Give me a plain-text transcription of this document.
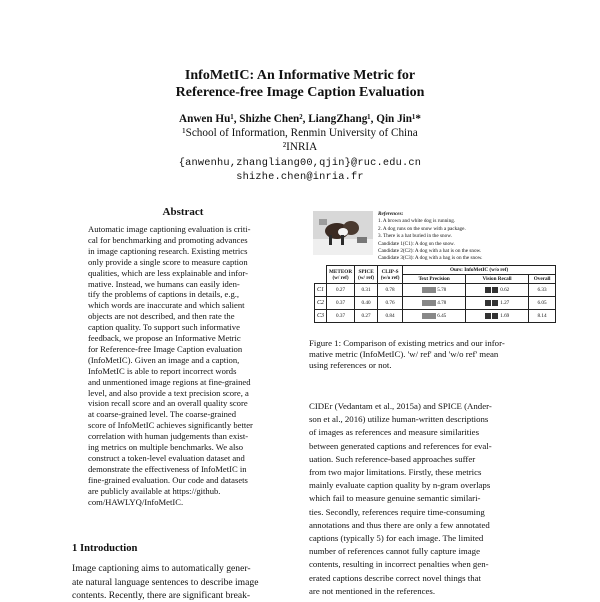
InfoMetIC: An Informative Metric for
Reference-free Image Caption Evaluation
Anwen Hu¹, Shizhe Chen², LiangZhang¹, Qin Jin¹*
¹School of Information, Renmin University of China
²INRIA
{anwenhu,zhangliang00,qjin}@ruc.edu.cn
shizhe.chen@inria.fr
Abstract
Automatic image captioning evaluation is criti-
cal for benchmarking and promoting advances
in image captioning research. Existing metrics
only provide a single score to measure caption
qualities, which are less explainable and infor-
mative. Instead, we humans can easily iden-
tify the problems of captions in details, e.g.,
which words are inaccurate and which salient
objects are not described, and then rate the
caption quality. To support such informative
feedback, we propose an Informative Metric
for Reference-free Image Caption evaluation
(InfoMetIC). Given an image and a caption,
InfoMetIC is able to report incorrect words
and unmentioned image regions at fine-grained
level, and also provide a text precision score, a
vision recall score and an overall quality score
at coarse-grained level. The coarse-grained
score of InfoMetIC achieves significantly better
correlation with human judgements than exist-
ing metrics on multiple benchmarks. We also
construct a token-level evaluation dataset and
demonstrate the effectiveness of InfoMetIC in
fine-grained evaluation. Our code and datasets
are publicly available at https://github.
com/HAWLYQ/InfoMetIC.
1 Introduction
Image captioning aims to automatically gener-
ate natural language sentences to describe image
contents. Recently, there are significant break-
References:
1. A brown and white dog is running.
2. A dog runs on the snow with a package.
3. There is a hat buried in the snow.
Candidate 1(C1): A dog on the snow.
Candidate 2(C2): A dog with a hat is on the snow.
Candidate 3(C3): A dog with a bag is on the snow.
	METEOR (w/ ref)	SPICE (w/ ref)	CLIP-S (w/o ref)	Ours: InfoMetIC (w/o ref)		
				Text Precision	Vision Recall	Overall
C1	0.27	0.31	0.78	5.78	0.62	6.33
C2	0.37	0.40	0.76	4.78	1.27	6.05
C3	0.37	0.27	0.84	6.45	1.69	8.14
Figure 1: Comparison of existing metrics and our infor-
mative metric (InfoMetIC). 'w/ ref' and 'w/o ref' mean
using references or not.
CIDEr (Vedantam et al., 2015a) and SPICE (Ander-
son et al., 2016) utilize human-written descriptions
of images as references and measure similarities
between generated captions and references for eval-
uation. Such reference-based approaches suffer
from two major limitations. Firstly, these metrics
mainly evaluate caption quality by n-gram overlaps
which fail to measure genuine semantic similari-
ties. Secondly, references require time-consuming
annotations and thus there are only a few annotated
captions (typically 5) for each image. The limited
number of references cannot fully capture image
contents, resulting in incorrect penalties when gen-
erated captions describe correct novel things that
are not mentioned in the references.
